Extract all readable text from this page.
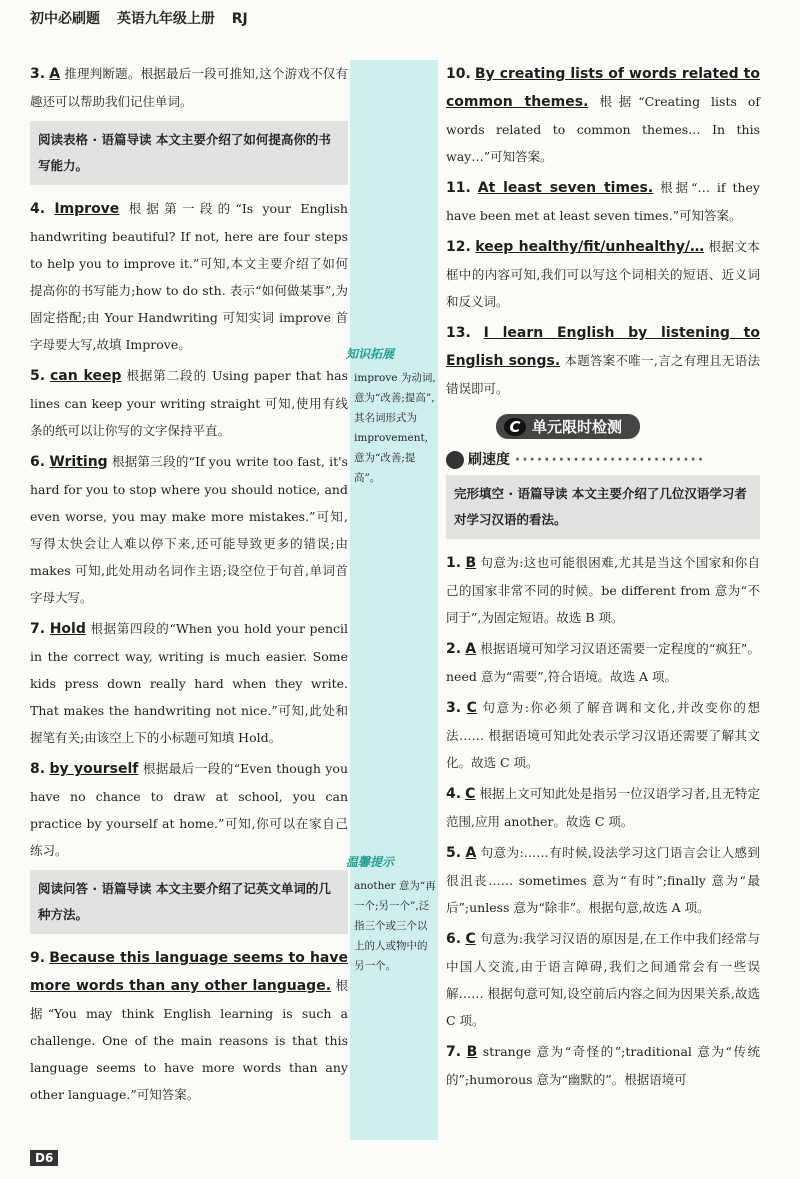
初中必刷题 英语九年级上册 RJ
知识拓展
improve 为动词,意为“改善;提高”,其名词形式为 improvement,意为“改善;提高”。
温馨提示
another 意为“再一个;另一个”,泛指三个或三个以上的人或物中的另一个。

3. A 推理判断题。根据最后一段可推知,这个游戏不仅有趣还可以帮助我们记住单词。

阅读表格 · 语篇导读 本文主要介绍了如何提高你的书写能力。

4. Improve 根据第一段的“Is your English handwriting beautiful? If not, here are four steps to help you to improve it.”可知,本文主要介绍了如何提高你的书写能力;how to do sth. 表示“如何做某事”,为固定搭配;由 Your Handwriting 可知实词 improve 首字母要大写,故填 Improve。

5. can keep 根据第二段的 Using paper that has lines can keep your writing straight 可知,使用有线条的纸可以让你写的文字保持平直。

6. Writing 根据第三段的“If you write too fast, it's hard for you to stop where you should notice, and even worse, you may make more mistakes.”可知,写得太快会让人难以停下来,还可能导致更多的错误;由 makes 可知,此处用动名词作主语;设空位于句首,单词首字母大写。

7. Hold 根据第四段的“When you hold your pencil in the correct way, writing is much easier. Some kids press down really hard when they write. That makes the handwriting not nice.”可知,此处和握笔有关;由该空上下的小标题可知填 Hold。

8. by yourself 根据最后一段的“Even though you have no chance to draw at school, you can practice by yourself at home.”可知,你可以在家自己练习。

阅读问答 · 语篇导读 本文主要介绍了记英文单词的几种方法。

9. Because this language seems to have more words than any other language. 根据“You may think English learning is such a challenge. One of the main reasons is that this language seems to have more words than any other language.”可知答案。

10. By creating lists of words related to common themes. 根据“Creating lists of words related to common themes… In this way…”可知答案。

11. At least seven times. 根据“… if they have been met at least seven times.”可知答案。

12. keep healthy/fit/unhealthy/… 根据文本框中的内容可知,我们可以写这个词相关的短语、近义词和反义词。

13. I learn English by listening to English songs. 本题答案不唯一,言之有理且无语法错误即可。

C 单元限时检测
刷速度 ··························
完形填空 · 语篇导读 本文主要介绍了几位汉语学习者对学习汉语的看法。

1. B 句意为:这也可能很困难,尤其是当这个国家和你自己的国家非常不同的时候。be different from 意为“不同于”,为固定短语。故选 B 项。

2. A 根据语境可知学习汉语还需要一定程度的“疯狂”。need 意为“需要”,符合语境。故选 A 项。

3. C 句意为:你必须了解音调和文化,并改变你的想法…… 根据语境可知此处表示学习汉语还需要了解其文化。故选 C 项。

4. C 根据上文可知此处是指另一位汉语学习者,且无特定范围,应用 another。故选 C 项。

5. A 句意为:……有时候,设法学习这门语言会让人感到很沮丧…… sometimes 意为“有时”;finally 意为“最后”;unless 意为“除非”。根据句意,故选 A 项。

6. C 句意为:我学习汉语的原因是,在工作中我们经常与中国人交流,由于语言障碍,我们之间通常会有一些误解…… 根据句意可知,设空前后内容之间为因果关系,故选 C 项。

7. B strange 意为“奇怪的”;traditional 意为“传统的”;humorous 意为“幽默的”。根据语境可

D6
